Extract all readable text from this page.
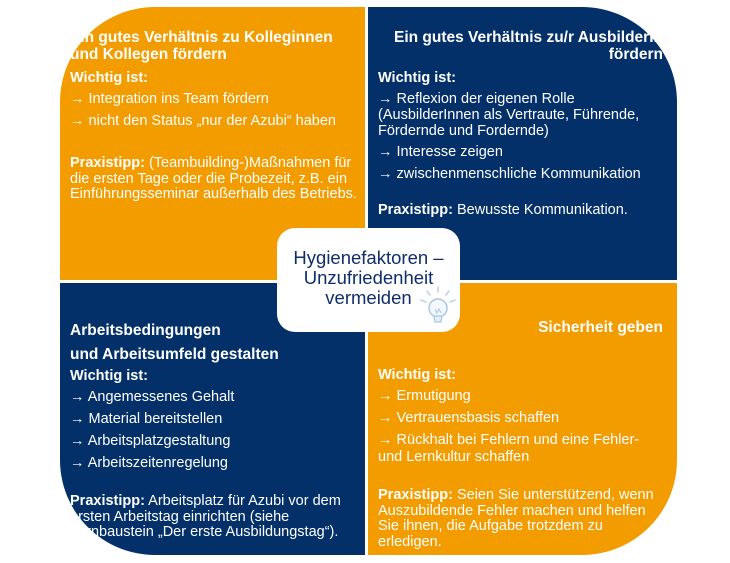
Ein gutes Verhältnis zu Kolleginnen und Kollegen fördern
Wichtig ist:
→ Integration ins Team fördern
→ nicht den Status „nur der Azubi“ haben
Praxistipp: (Teambuilding-)Maßnahmen für die ersten Tage oder die Probezeit, z.B. ein Einführungsseminar außerhalb des Betriebs.
Ein gutes Verhältnis zu/r AusbilderIn fördern
Wichtig ist:
→ Reflexion der eigenen Rolle (AusbilderInnen als Vertraute, Führende, Fördernde und Fordernde)
→ Interesse zeigen
→ zwischenmenschliche Kommunikation
Praxistipp: Bewusste Kommunikation.
Arbeitsbedingungen
und Arbeitsumfeld gestalten
Wichtig ist:
→ Angemessenes Gehalt
→ Material bereitstellen
→ Arbeitsplatzgestaltung
→ Arbeitszeitenregelung
Praxistipp: Arbeitsplatz für Azubi vor dem ersten Arbeitstag einrichten (siehe Lernbaustein „Der erste Ausbildungstag“).
Sicherheit geben
Wichtig ist:
→ Ermutigung
→ Vertrauensbasis schaffen
→ Rückhalt bei Fehlern und eine Fehler- und Lernkultur schaffen
Praxistipp: Seien Sie unterstützend, wenn Auszubildende Fehler machen und helfen Sie ihnen, die Aufgabe trotzdem zu erledigen.
Hygienefaktoren –
Unzufriedenheit
vermeiden
